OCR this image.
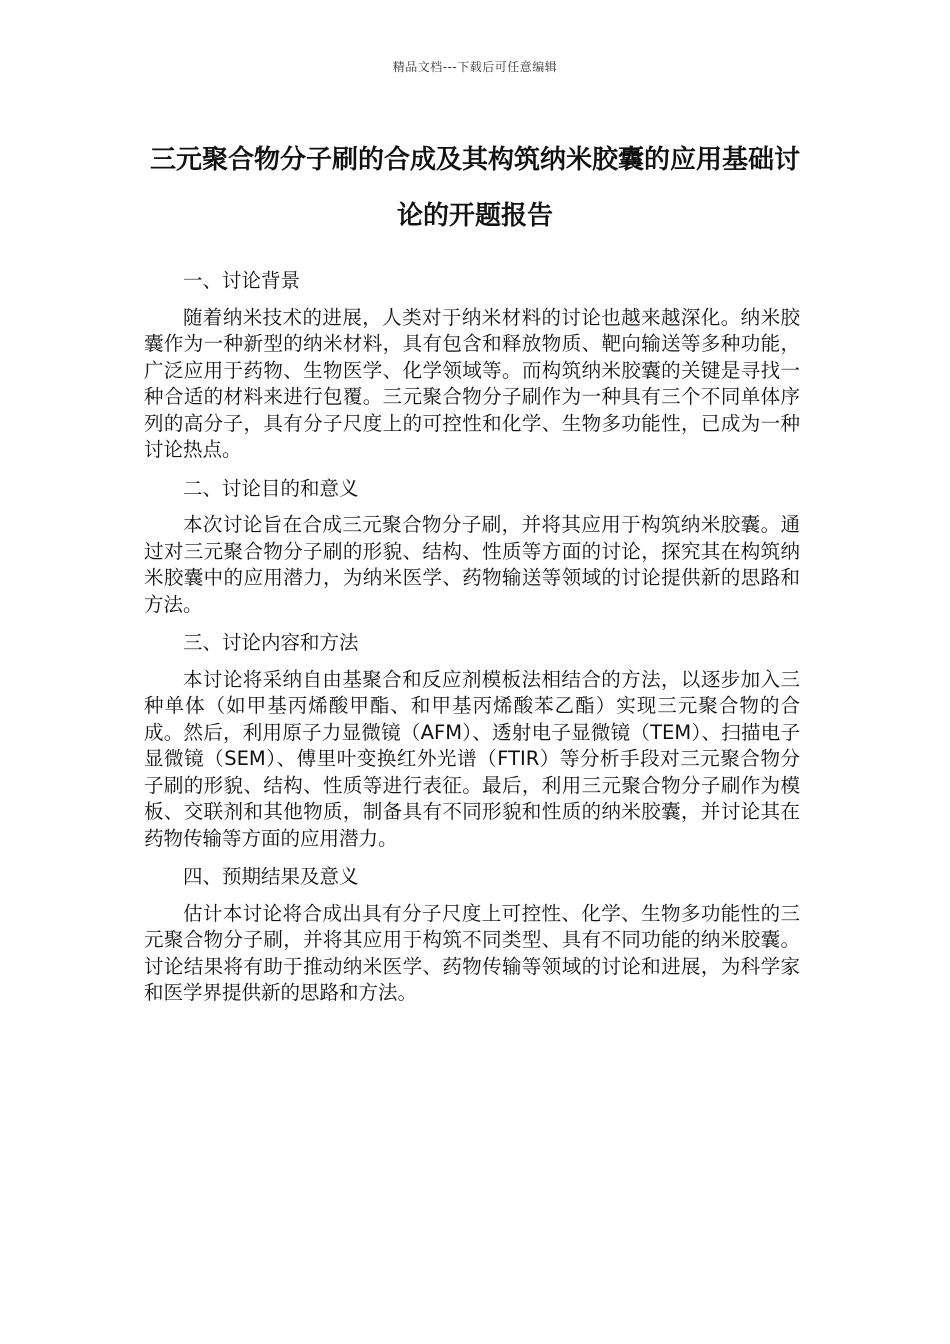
精品文档---下载后可任意编辑
三元聚合物分子刷的合成及其构筑纳米胶囊的应用基础讨论的开题报告

一、讨论背景

随着纳米技术的进展，人类对于纳米材料的讨论也越来越深化。纳米胶囊作为一种新型的纳米材料，具有包含和释放物质、靶向输送等多种功能，广泛应用于药物、生物医学、化学领域等。而构筑纳米胶囊的关键是寻找一种合适的材料来进行包覆。三元聚合物分子刷作为一种具有三个不同单体序列的高分子，具有分子尺度上的可控性和化学、生物多功能性，已成为一种讨论热点。

二、讨论目的和意义

本次讨论旨在合成三元聚合物分子刷，并将其应用于构筑纳米胶囊。通过对三元聚合物分子刷的形貌、结构、性质等方面的讨论，探究其在构筑纳米胶囊中的应用潜力，为纳米医学、药物输送等领域的讨论提供新的思路和方法。

三、讨论内容和方法

本讨论将采纳自由基聚合和反应剂模板法相结合的方法，以逐步加入三种单体（如甲基丙烯酸甲酯、和甲基丙烯酸苯乙酯）实现三元聚合物的合成。然后，利用原子力显微镜（AFM）、透射电子显微镜（TEM）、扫描电子显微镜（SEM）、傅里叶变换红外光谱（FTIR）等分析手段对三元聚合物分子刷的形貌、结构、性质等进行表征。最后，利用三元聚合物分子刷作为模板、交联剂和其他物质，制备具有不同形貌和性质的纳米胶囊，并讨论其在药物传输等方面的应用潜力。

四、预期结果及意义

估计本讨论将合成出具有分子尺度上可控性、化学、生物多功能性的三元聚合物分子刷，并将其应用于构筑不同类型、具有不同功能的纳米胶囊。讨论结果将有助于推动纳米医学、药物传输等领域的讨论和进展，为科学家和医学界提供新的思路和方法。
